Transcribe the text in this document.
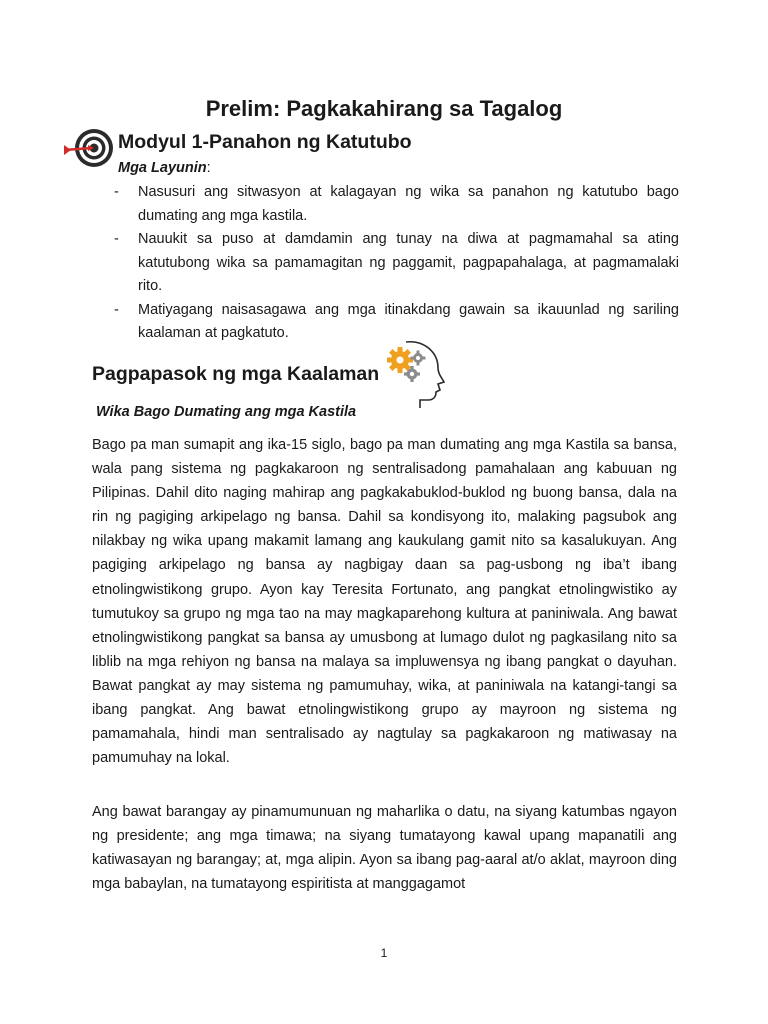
Prelim: Pagkakahirang sa Tagalog
Modyul 1-Panahon ng Katutubo
Mga Layunin:
- Nasusuri ang sitwasyon at kalagayan ng wika sa panahon ng katutubo bago dumating ang mga kastila.
- Nauukit sa puso at damdamin ang tunay na diwa at pagmamahal sa ating katutubong wika sa pamamagitan ng paggamit, pagpapahalaga, at pagmamalaki rito.
- Matiyagang naisasagawa ang mga itinakdang gawain sa ikauunlad ng sariling kaalaman at pagkatuto.
Pagpapasok ng mga Kaalaman
Wika Bago Dumating ang mga Kastila

Bago pa man sumapit ang ika-15 siglo, bago pa man dumating ang mga Kastila sa bansa, wala pang sistema ng pagkakaroon ng sentralisadong pamahalaan ang kabuuan ng Pilipinas. Dahil dito naging mahirap ang pagkakabuklod-buklod ng buong bansa, dala na rin ng pagiging arkipelago ng bansa. Dahil sa kondisyong ito, malaking pagsubok ang nilakbay ng wika upang makamit lamang ang kaukulang gamit nito sa kasalukuyan. Ang pagiging arkipelago ng bansa ay nagbigay daan sa pag-usbong ng iba’t ibang etnolingwistikong grupo. Ayon kay Teresita Fortunato, ang pangkat etnolingwistiko ay tumutukoy sa grupo ng mga tao na may magkaparehong kultura at paniniwala. Ang bawat etnolingwistikong pangkat sa bansa ay umusbong at lumago dulot ng pagkasilang nito sa liblib na mga rehiyon ng bansa na malaya sa impluwensya ng ibang pangkat o dayuhan. Bawat pangkat ay may sistema ng pamumuhay, wika, at paniniwala na katangi-tangi sa ibang pangkat. Ang bawat etnolingwistikong grupo ay mayroon ng sistema ng pamamahala, hindi man sentralisado ay nagtulay sa pagkakaroon ng matiwasay na pamumuhay na lokal.

Ang bawat barangay ay pinamumunuan ng maharlika o datu, na siyang katumbas ngayon ng presidente; ang mga timawa; na siyang tumatayong kawal upang mapanatili ang katiwasayan ng barangay; at, mga alipin. Ayon sa ibang pag-aaral at/o aklat, mayroon ding mga babaylan, na tumatayong espiritista at manggagamot

1
